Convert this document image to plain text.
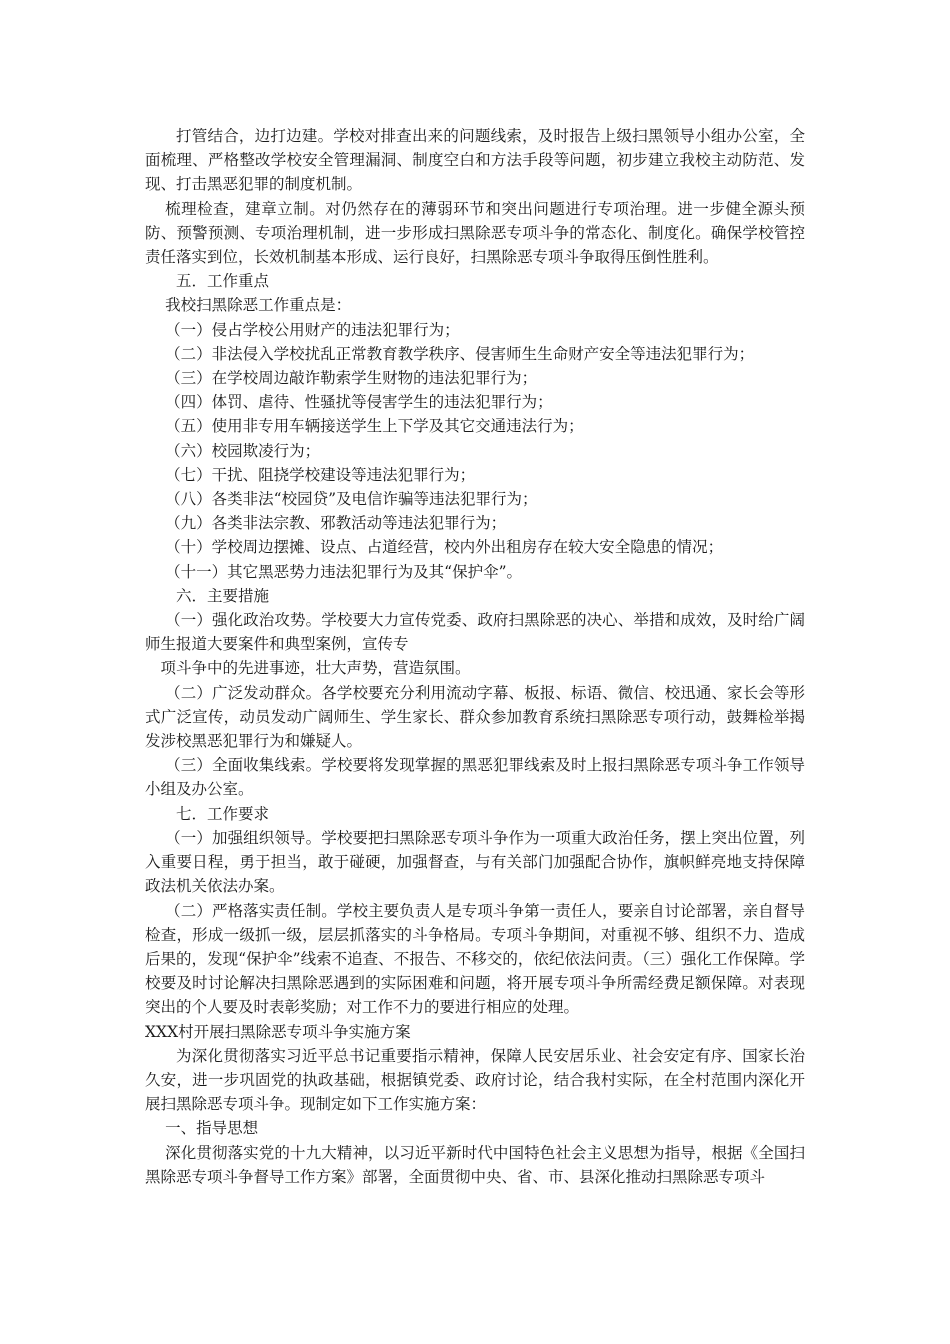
打管结合，边打边建。学校对排查出来的问题线索，及时报告上级扫黑领导小组办公室，全面梳理、严格整改学校安全管理漏洞、制度空白和方法手段等问题，初步建立我校主动防范、发现、打击黑恶犯罪的制度机制。

梳理检查，建章立制。对仍然存在的薄弱环节和突出问题进行专项治理。进一步健全源头预防、预警预测、专项治理机制，进一步形成扫黑除恶专项斗争的常态化、制度化。确保学校管控责任落实到位，长效机制基本形成、运行良好，扫黑除恶专项斗争取得压倒性胜利。

五．工作重点

我校扫黑除恶工作重点是：

（一）侵占学校公用财产的违法犯罪行为；

（二）非法侵入学校扰乱正常教育教学秩序、侵害师生生命财产安全等违法犯罪行为；

（三）在学校周边敲诈勒索学生财物的违法犯罪行为；

（四）体罚、虐待、性骚扰等侵害学生的违法犯罪行为；

（五）使用非专用车辆接送学生上下学及其它交通违法行为；

（六）校园欺凌行为；

（七）干扰、阻挠学校建设等违法犯罪行为；

（八）各类非法“校园贷”及电信诈骗等违法犯罪行为；

（九）各类非法宗教、邪教活动等违法犯罪行为；

（十）学校周边摆摊、设点、占道经营，校内外出租房存在较大安全隐患的情况；

（十一）其它黑恶势力违法犯罪行为及其“保护伞”。

六．主要措施

（一）强化政治攻势。学校要大力宣传党委、政府扫黑除恶的决心、举措和成效，及时给广阔师生报道大要案件和典型案例，宣传专

项斗争中的先进事迹，壮大声势，营造氛围。

（二）广泛发动群众。各学校要充分利用流动字幕、板报、标语、微信、校迅通、家长会等形式广泛宣传，动员发动广阔师生、学生家长、群众参加教育系统扫黑除恶专项行动，鼓舞检举揭发涉校黑恶犯罪行为和嫌疑人。

（三）全面收集线索。学校要将发现掌握的黑恶犯罪线索及时上报扫黑除恶专项斗争工作领导小组及办公室。

七．工作要求

（一）加强组织领导。学校要把扫黑除恶专项斗争作为一项重大政治任务，摆上突出位置，列入重要日程，勇于担当，敢于碰硬，加强督查，与有关部门加强配合协作，旗帜鲜亮地支持保障政法机关依法办案。

（二）严格落实责任制。学校主要负责人是专项斗争第一责任人，要亲自讨论部署，亲自督导检查，形成一级抓一级，层层抓落实的斗争格局。专项斗争期间，对重视不够、组织不力、造成后果的，发现“保护伞”线索不追查、不报告、不移交的，依纪依法问责。（三）强化工作保障。学校要及时讨论解决扫黑除恶遇到的实际困难和问题，将开展专项斗争所需经费足额保障。对表现突出的个人要及时表彰奖励；对工作不力的要进行相应的处理。

XXX村开展扫黑除恶专项斗争实施方案

为深化贯彻落实习近平总书记重要指示精神，保障人民安居乐业、社会安定有序、国家长治久安，进一步巩固党的执政基础，根据镇党委、政府讨论，结合我村实际，在全村范围内深化开展扫黑除恶专项斗争。现制定如下工作实施方案：

一、指导思想

深化贯彻落实党的十九大精神，以习近平新时代中国特色社会主义思想为指导，根据《全国扫黑除恶专项斗争督导工作方案》部署，全面贯彻中央、省、市、县深化推动扫黑除恶专项斗
